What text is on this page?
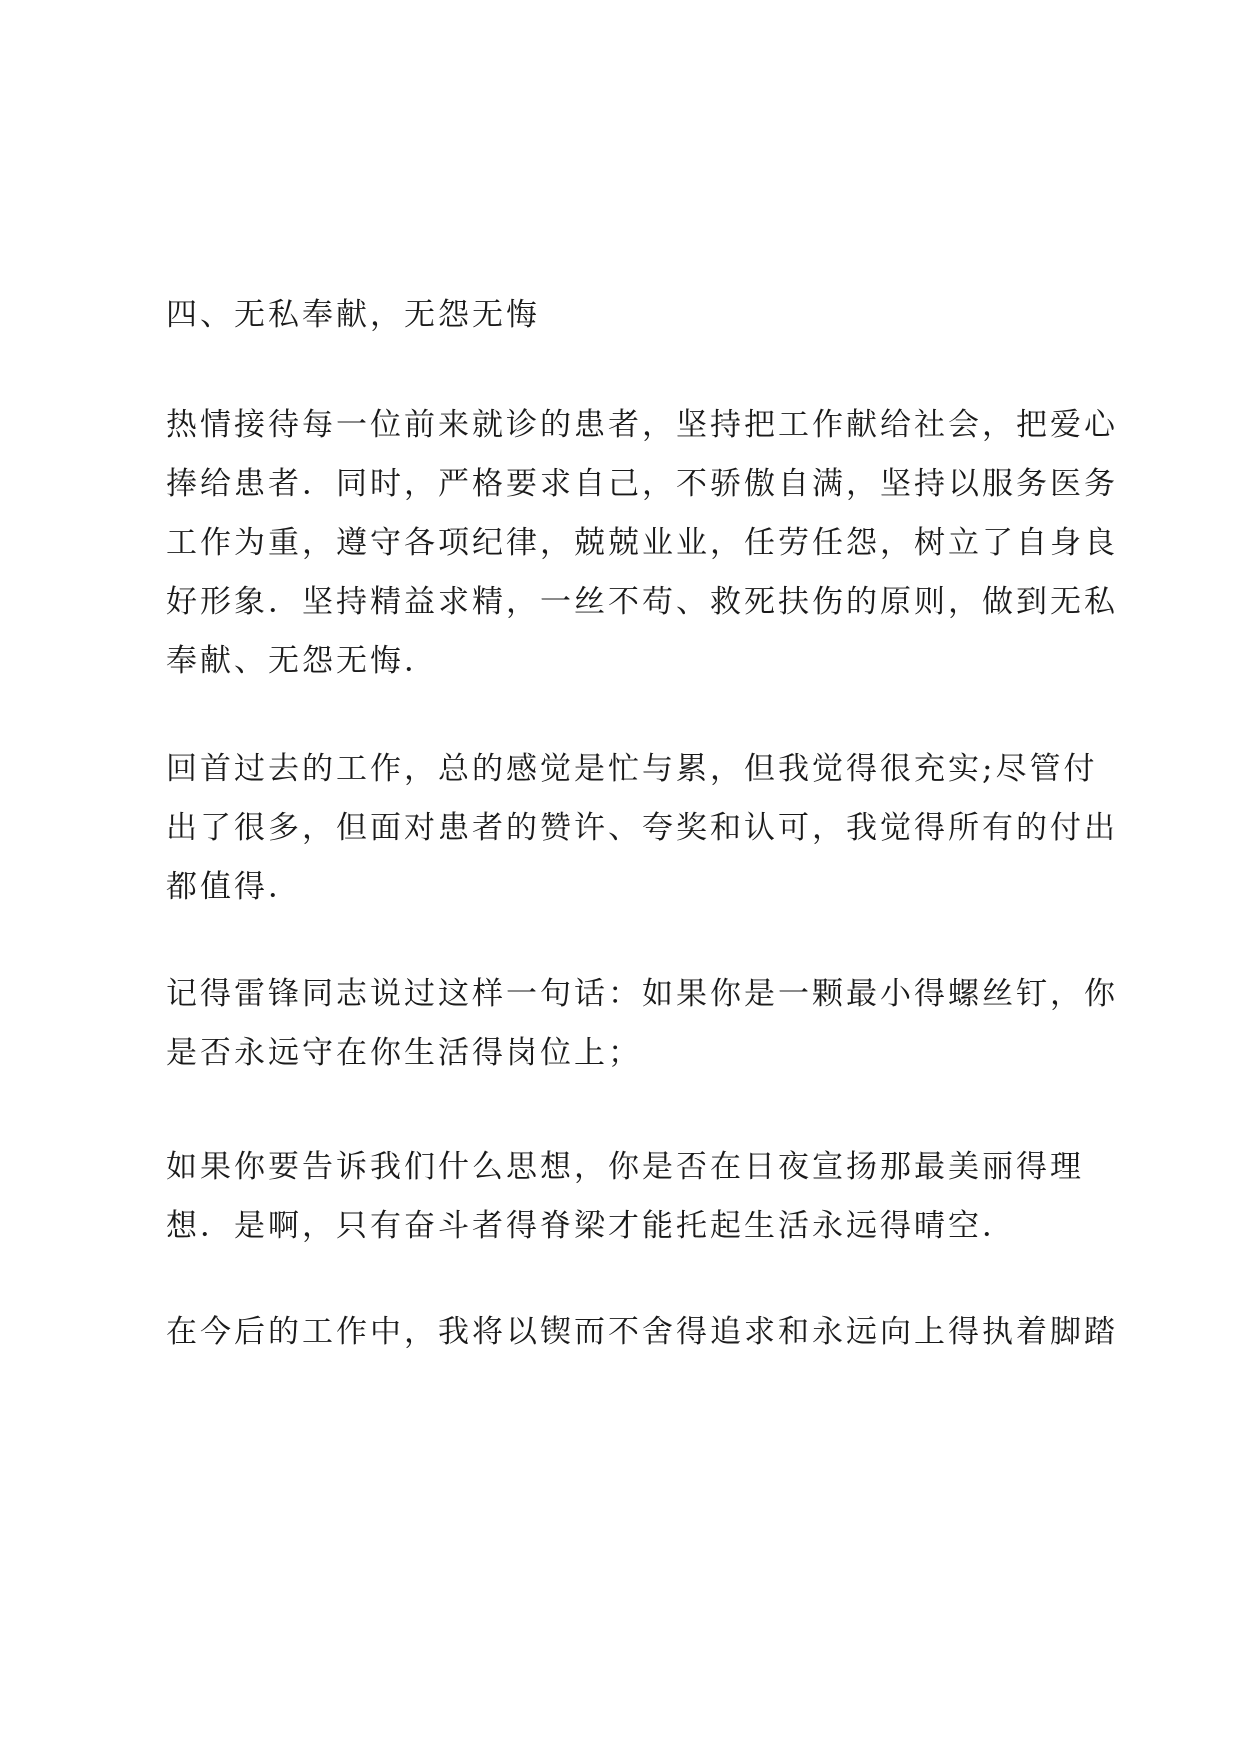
四、无私奉献，无怨无悔
热情接待每一位前来就诊的患者，坚持把工作献给社会，把爱心
捧给患者．同时，严格要求自己，不骄傲自满，坚持以服务医务
工作为重，遵守各项纪律，兢兢业业，任劳任怨，树立了自身良
好形象．坚持精益求精，一丝不苟、救死扶伤的原则，做到无私
奉献、无怨无悔．
回首过去的工作，总的感觉是忙与累，但我觉得很充实;尽管付
出了很多，但面对患者的赞许、夸奖和认可，我觉得所有的付出
都值得．
记得雷锋同志说过这样一句话：如果你是一颗最小得螺丝钉，你
是否永远守在你生活得岗位上；
如果你要告诉我们什么思想，你是否在日夜宣扬那最美丽得理
想．是啊，只有奋斗者得脊梁才能托起生活永远得晴空．
在今后的工作中，我将以锲而不舍得追求和永远向上得执着脚踏
